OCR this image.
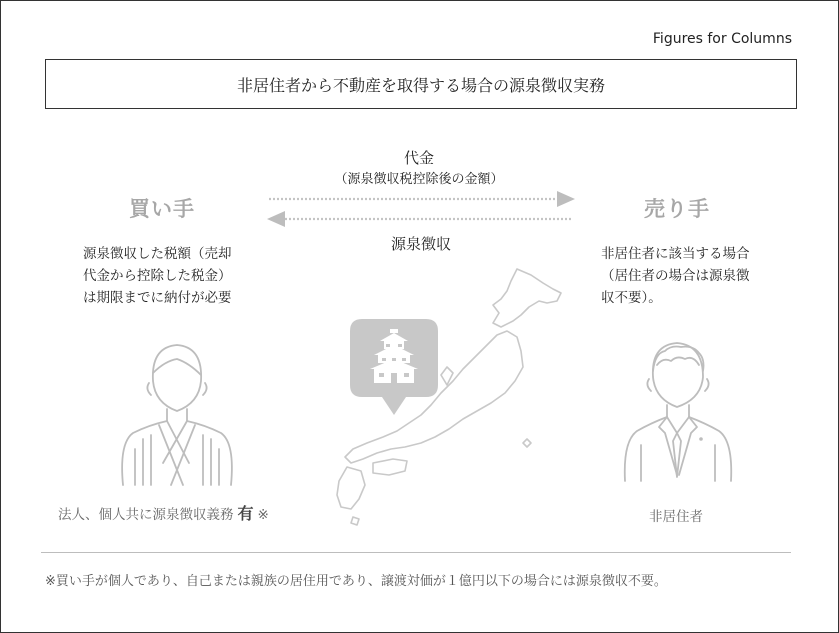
Figures for Columns
非居住者から不動産を取得する場合の源泉徴収実務
代金
（源泉徴収税控除後の金額）
源泉徴収
買い手	売り手
源泉徴収した税額（売却
代金から控除した税金）
は期限までに納付が必要
非居住者に該当する場合
（居住者の場合は源泉徴
収不要）。
法人、個人共に源泉徴収義務 有 ※	非居住者
※買い手が個人であり、自己または親族の居住用であり、譲渡対価が１億円以下の場合には源泉徴収不要。
